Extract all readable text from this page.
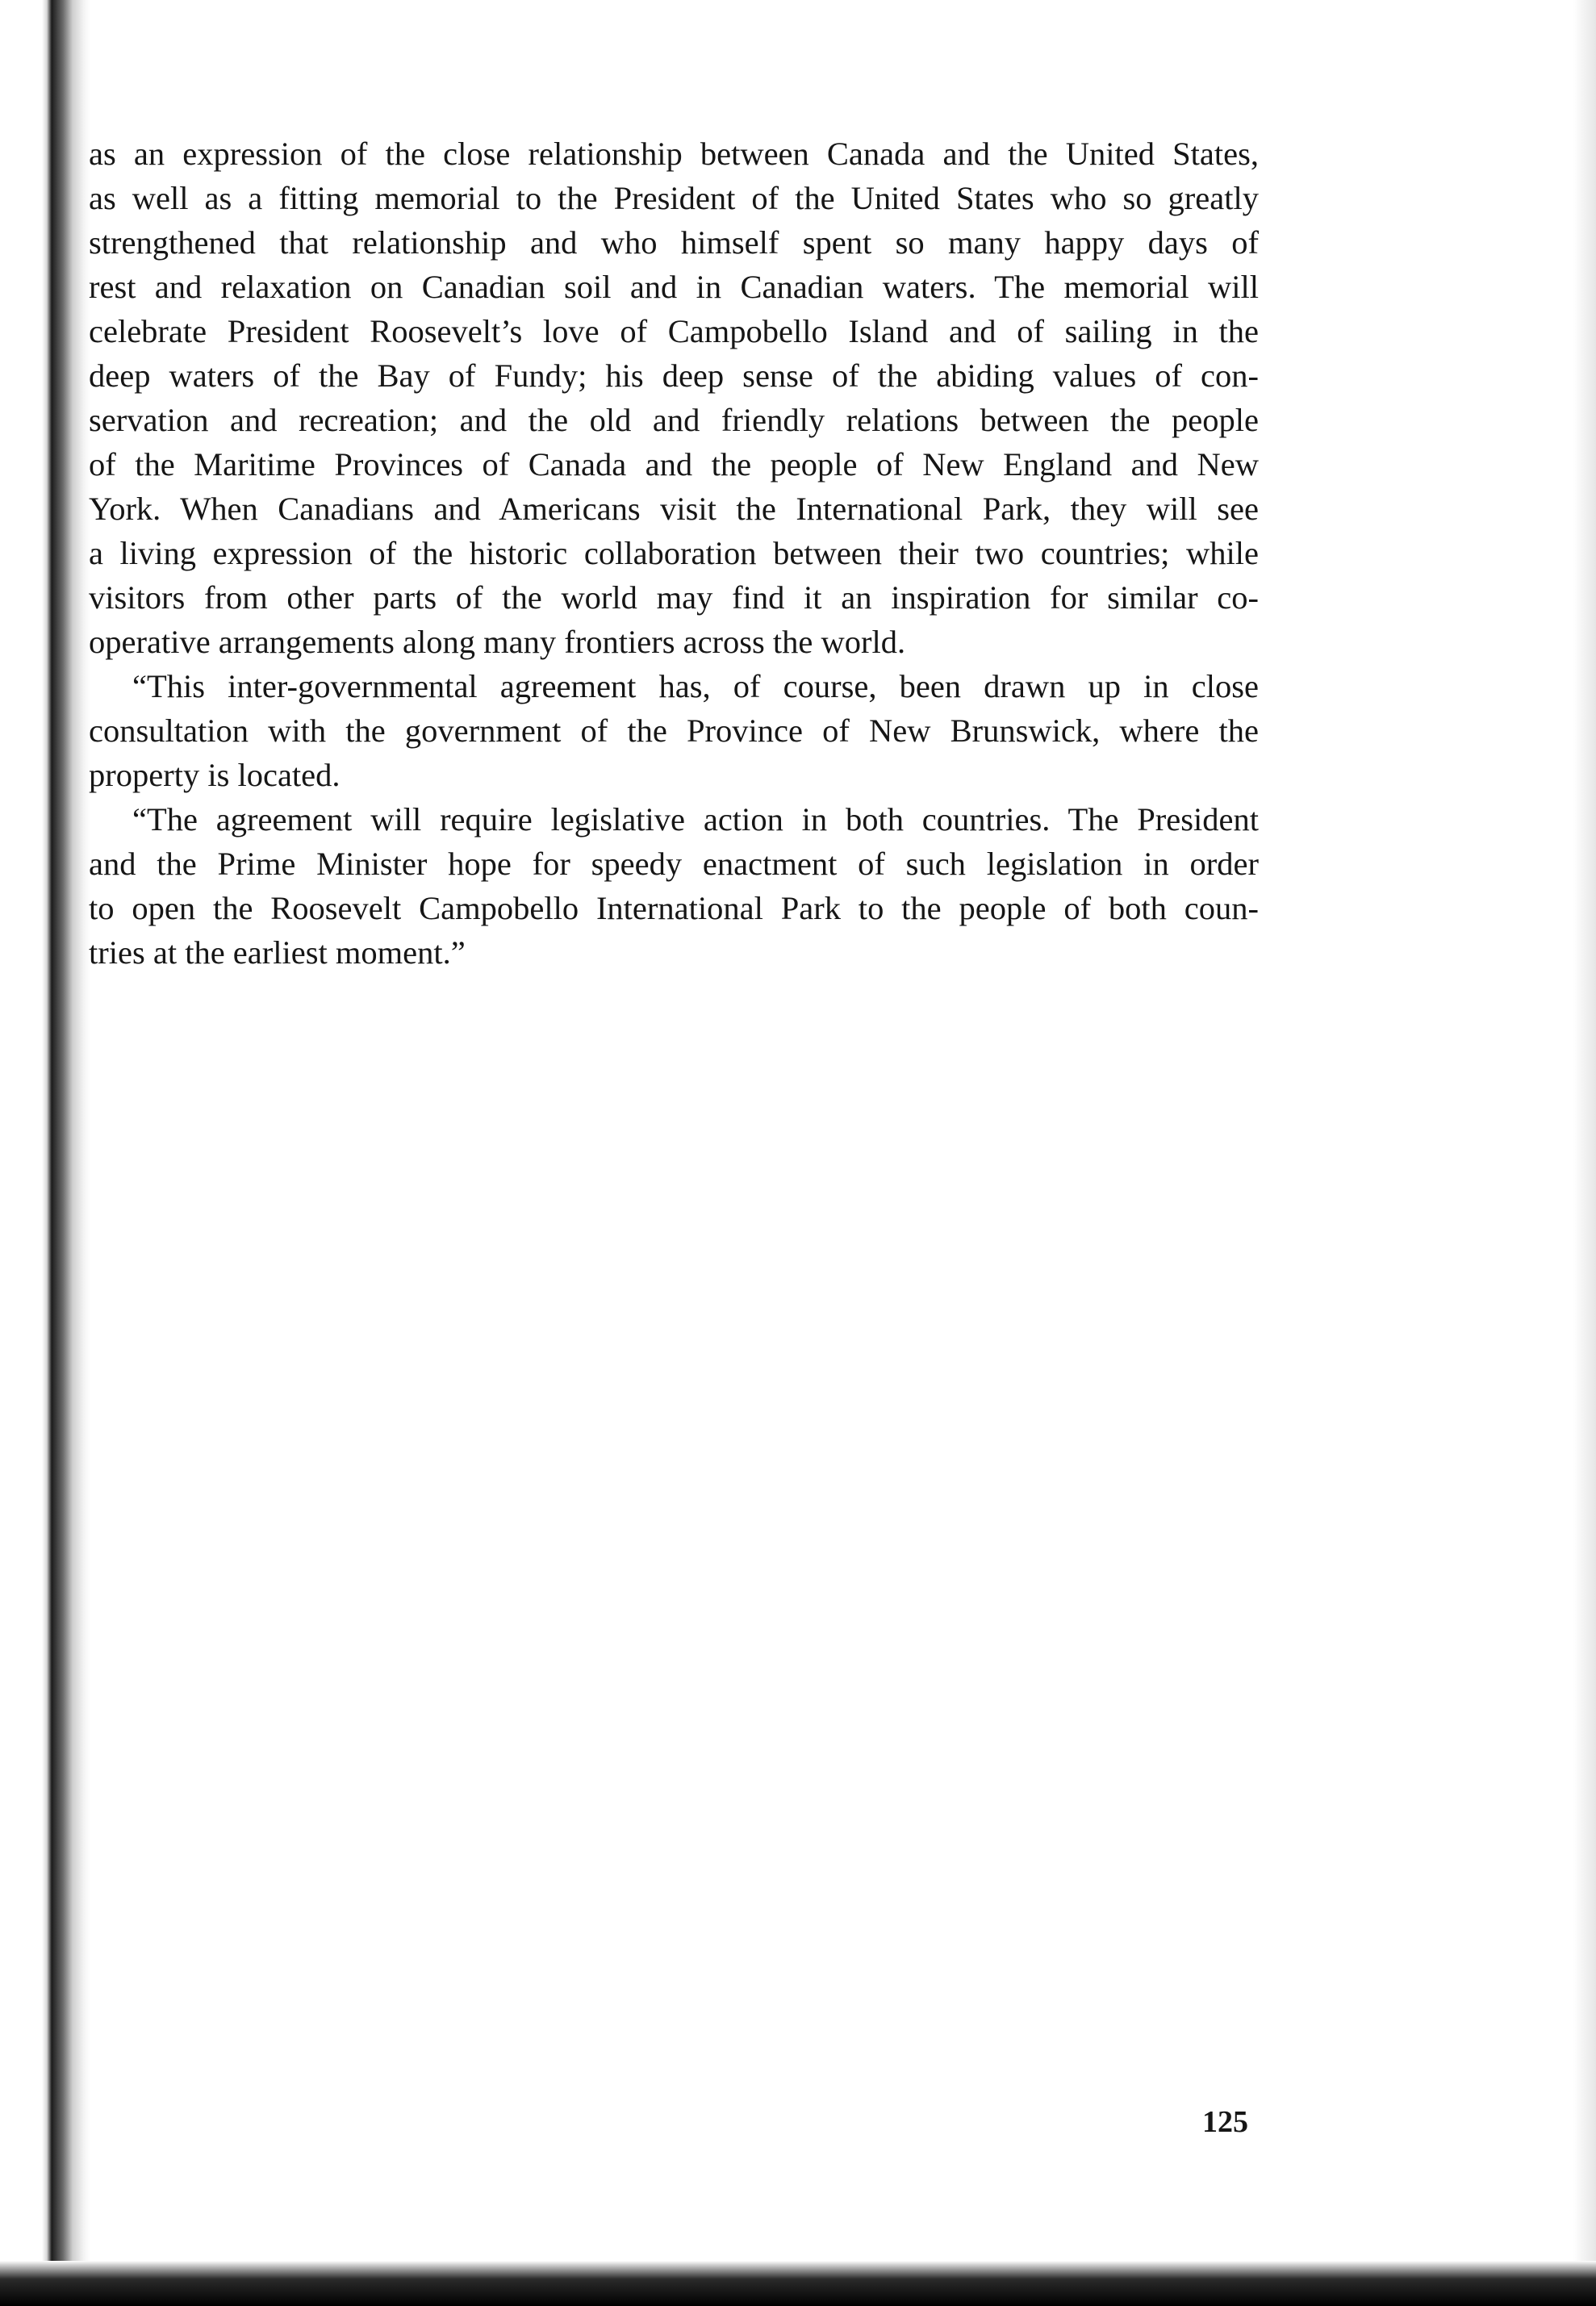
as an expression of the close relationship between Canada and the United States,
as well as a fitting memorial to the President of the United States who so greatly
strengthened that relationship and who himself spent so many happy days of
rest and relaxation on Canadian soil and in Canadian waters. The memorial will
celebrate President Roosevelt’s love of Campobello Island and of sailing in the
deep waters of the Bay of Fundy; his deep sense of the abiding values of con-
servation and recreation; and the old and friendly relations between the people
of the Maritime Provinces of Canada and the people of New England and New
York. When Canadians and Americans visit the International Park, they will see
a living expression of the historic collaboration between their two countries; while
visitors from other parts of the world may find it an inspiration for similar co-
operative arrangements along many frontiers across the world.
“This inter-governmental agreement has, of course, been drawn up in close
consultation with the government of the Province of New Brunswick, where the
property is located.
“The agreement will require legislative action in both countries. The President
and the Prime Minister hope for speedy enactment of such legislation in order
to open the Roosevelt Campobello International Park to the people of both coun-
tries at the earliest moment.”
125
